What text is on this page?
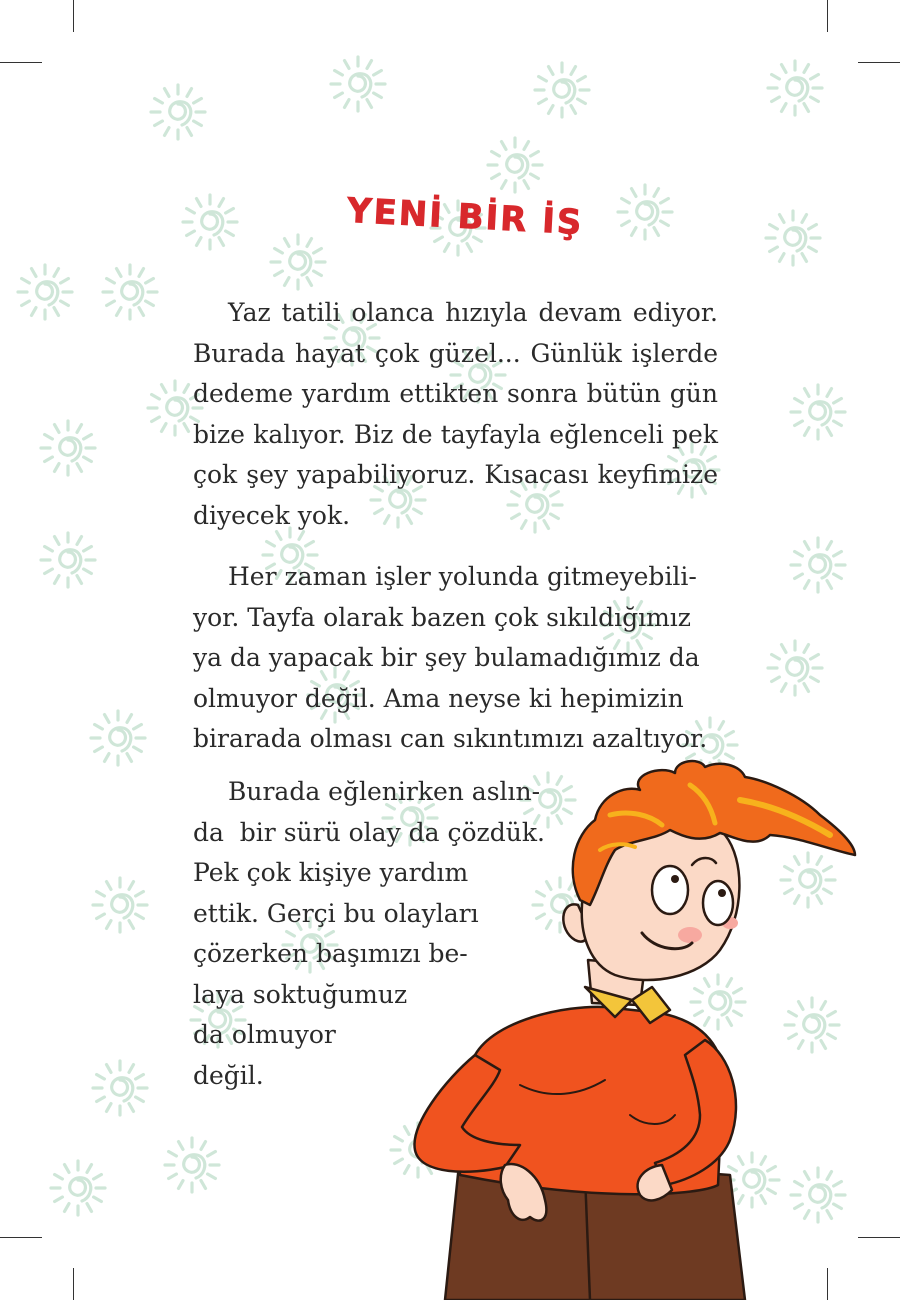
YENİ BİR İŞ
Yaz tatili olanca hızıyla devam ediyor.
Burada hayat çok güzel... Günlük işlerde
dedeme yardım ettikten sonra bütün gün
bize kalıyor. Biz de tayfayla eğlenceli pek
çok şey yapabiliyoruz. Kısacası keyfimize
diyecek yok.
Her zaman işler yolunda gitmeyebili-
yor. Tayfa olarak bazen çok sıkıldığımız
ya da yapacak bir şey bulamadığımız da
olmuyor değil. Ama neyse ki hepimizin
birarada olması can sıkıntımızı azaltıyor.
Burada eğlenirken aslın-
da  bir sürü olay da çözdük.
Pek çok kişiye yardım
ettik. Gerçi bu olayları
çözerken başımızı be-
laya soktuğumuz
da olmuyor
değil.
